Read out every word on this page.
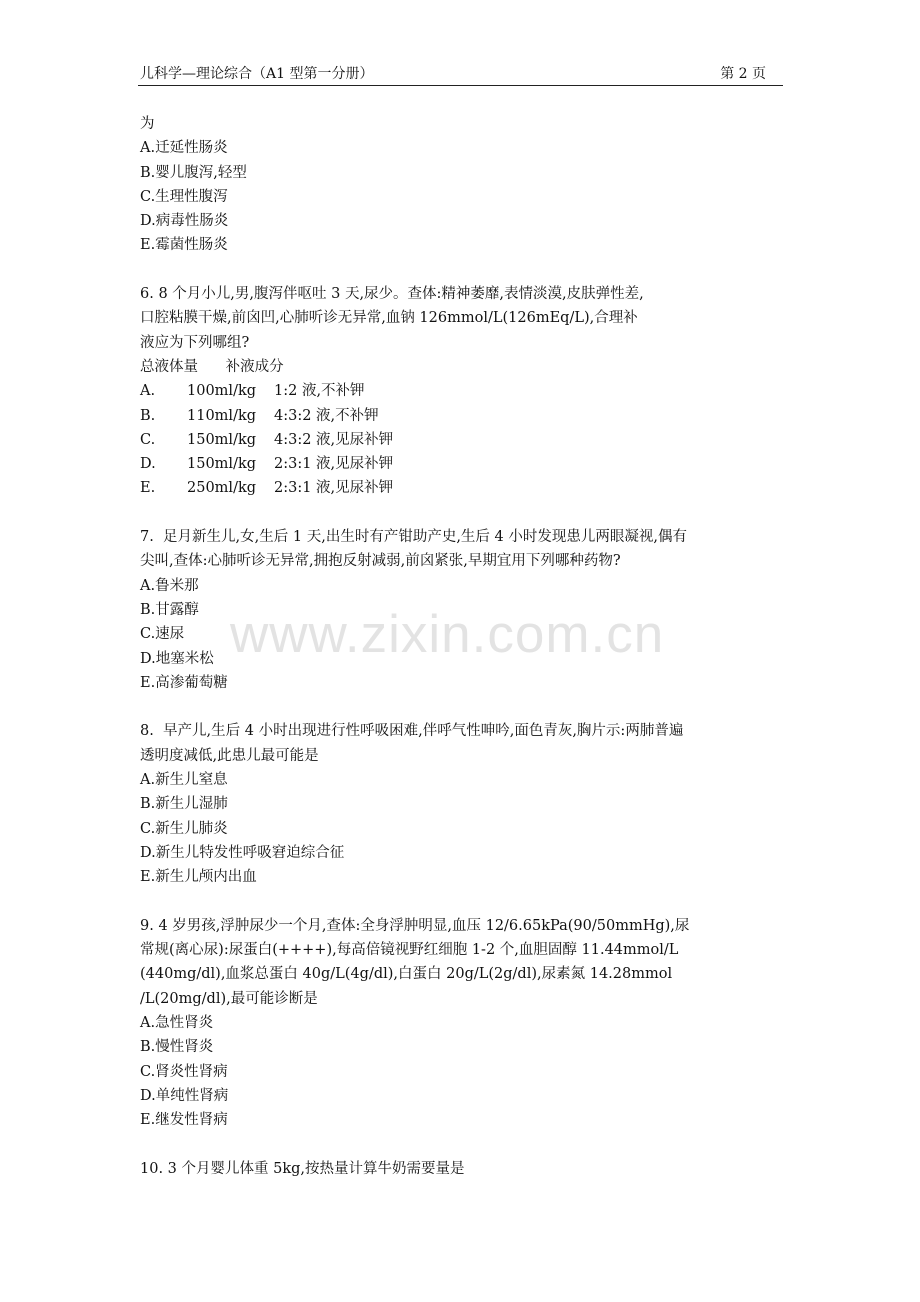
儿科学—理论综合（A1 型第一分册）	第 2 页
为
A.迁延性肠炎
B.婴儿腹泻,轻型
C.生理性腹泻
D.病毒性肠炎
E.霉菌性肠炎
6. 8 个月小儿,男,腹泻伴呕吐 3 天,尿少。查体:精神萎靡,表情淡漠,皮肤弹性差,
口腔粘膜干燥,前囟凹,心肺听诊无异常,血钠 126mmol/L(126mEq/L),合理补
液应为下列哪组?
总液体量      补液成分
A.	100ml/kg	1:2 液,不补钾
B.	110ml/kg	4:3:2 液,不补钾
C.	150ml/kg	4:3:2 液,见尿补钾
D.	150ml/kg	2:3:1 液,见尿补钾
E.	250ml/kg	2:3:1 液,见尿补钾
7.  足月新生儿,女,生后 1 天,出生时有产钳助产史,生后 4 小时发现患儿两眼凝视,偶有
尖叫,查体:心肺听诊无异常,拥抱反射减弱,前囟紧张,早期宜用下列哪种药物?
A.鲁米那
B.甘露醇
C.速尿
D.地塞米松
E.高渗葡萄糖
8.  早产儿,生后 4 小时出现进行性呼吸困难,伴呼气性呻吟,面色青灰,胸片示:两肺普遍
透明度减低,此患儿最可能是
A.新生儿窒息
B.新生儿湿肺
C.新生儿肺炎
D.新生儿特发性呼吸窘迫综合征
E.新生儿颅内出血
9. 4 岁男孩,浮肿尿少一个月,查体:全身浮肿明显,血压 12/6.65kPa(90/50mmHg),尿
常规(离心尿):尿蛋白(++++),每高倍镜视野红细胞 1-2 个,血胆固醇 11.44mmol/L
(440mg/dl),血浆总蛋白 40g/L(4g/dl),白蛋白 20g/L(2g/dl),尿素氮 14.28mmol
/L(20mg/dl),最可能诊断是
A.急性肾炎
B.慢性肾炎
C.肾炎性肾病
D.单纯性肾病
E.继发性肾病
10. 3 个月婴儿体重 5kg,按热量计算牛奶需要量是
www.zixin.com.cn
